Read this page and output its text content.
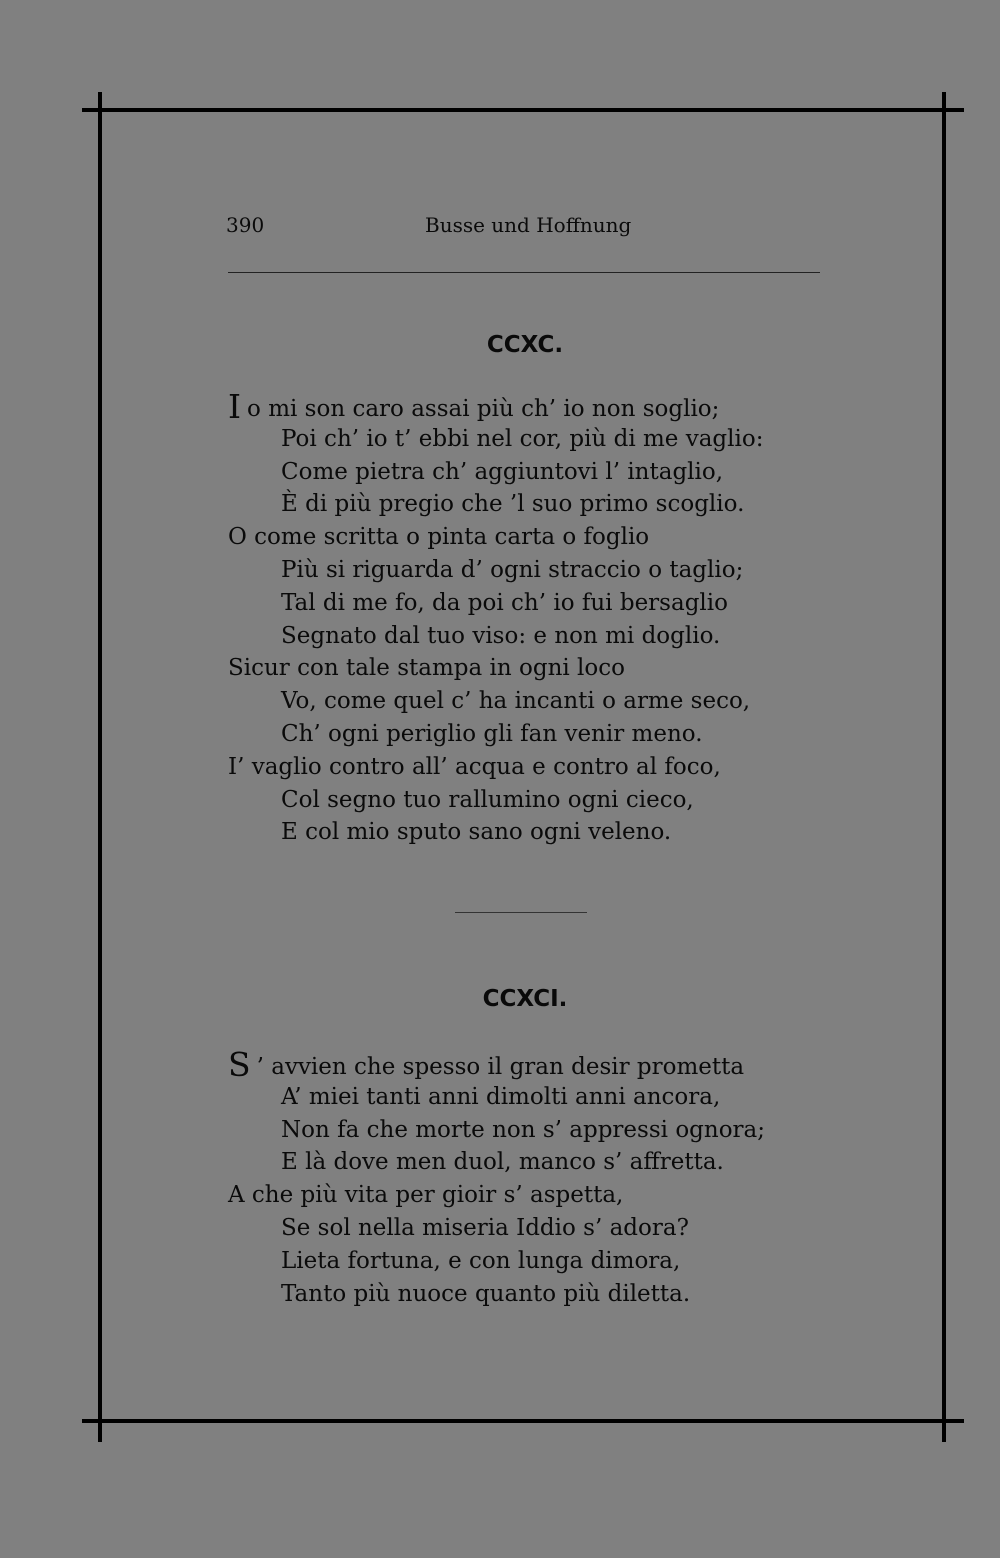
390	Busse und Hoffnung
CCXC.
I o mi son caro assai più ch’ io non soglio;
Poi ch’ io t’ ebbi nel cor, più di me vaglio:
Come pietra ch’ aggiuntovi l’ intaglio,
È di più pregio che ’l suo primo scoglio.
O come scritta o pinta carta o foglio
Più si riguarda d’ ogni straccio o taglio;
Tal di me fo, da poi ch’ io fui bersaglio
Segnato dal tuo viso: e non mi doglio.
Sicur con tale stampa in ogni loco
Vo, come quel c’ ha incanti o arme seco,
Ch’ ogni periglio gli fan venir meno.
I’ vaglio contro all’ acqua e contro al foco,
Col segno tuo rallumino ogni cieco,
E col mio sputo sano ogni veleno.
CCXCI.
S ’ avvien che spesso il gran desir prometta
A’ miei tanti anni dimolti anni ancora,
Non fa che morte non s’ appressi ognora;
E là dove men duol, manco s’ affretta.
A che più vita per gioir s’ aspetta,
Se sol nella miseria Iddio s’ adora?
Lieta fortuna, e con lunga dimora,
Tanto più nuoce quanto più diletta.
